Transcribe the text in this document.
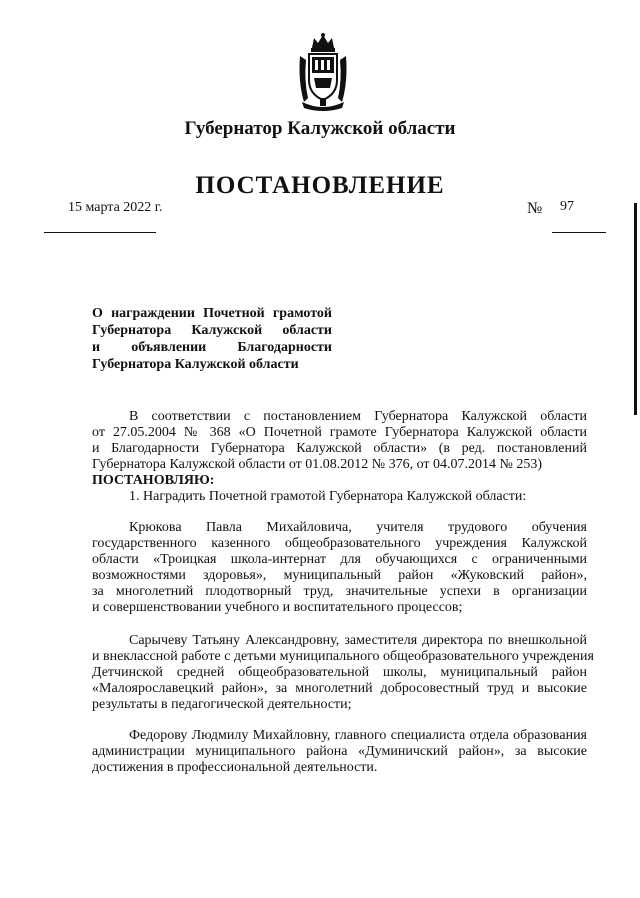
Губернатор Калужской области
ПОСТАНОВЛЕНИЕ
15 марта 2022 г.	№ 97
О награждении Почетной грамотой
Губернатора Калужской области
и объявлении Благодарности
Губернатора Калужской области
В соответствии с постановлением Губернатора Калужской области
от 27.05.2004 № 368 «О Почетной грамоте Губернатора Калужской области
и Благодарности Губернатора Калужской области» (в ред. постановлений
Губернатора Калужской области от 01.08.2012 № 376, от 04.07.2014 № 253)
ПОСТАНОВЛЯЮ:
1. Наградить Почетной грамотой Губернатора Калужской области:
Крюкова Павла Михайловича, учителя трудового обучения
государственного казенного общеобразовательного учреждения Калужской
области «Троицкая школа-интернат для обучающихся с ограниченными
возможностями здоровья», муниципальный район «Жуковский район»,
за многолетний плодотворный труд, значительные успехи в организации
и совершенствовании учебного и воспитательного процессов;
Сарычеву Татьяну Александровну, заместителя директора по внешкольной
и внеклассной работе с детьми муниципального общеобразовательного учреждения
Детчинской средней общеобразовательной школы, муниципальный район
«Малоярославецкий район», за многолетний добросовестный труд и высокие
результаты в педагогической деятельности;
Федорову Людмилу Михайловну, главного специалиста отдела образования
администрации муниципального района «Думиничский район», за высокие
достижения в профессиональной деятельности.
